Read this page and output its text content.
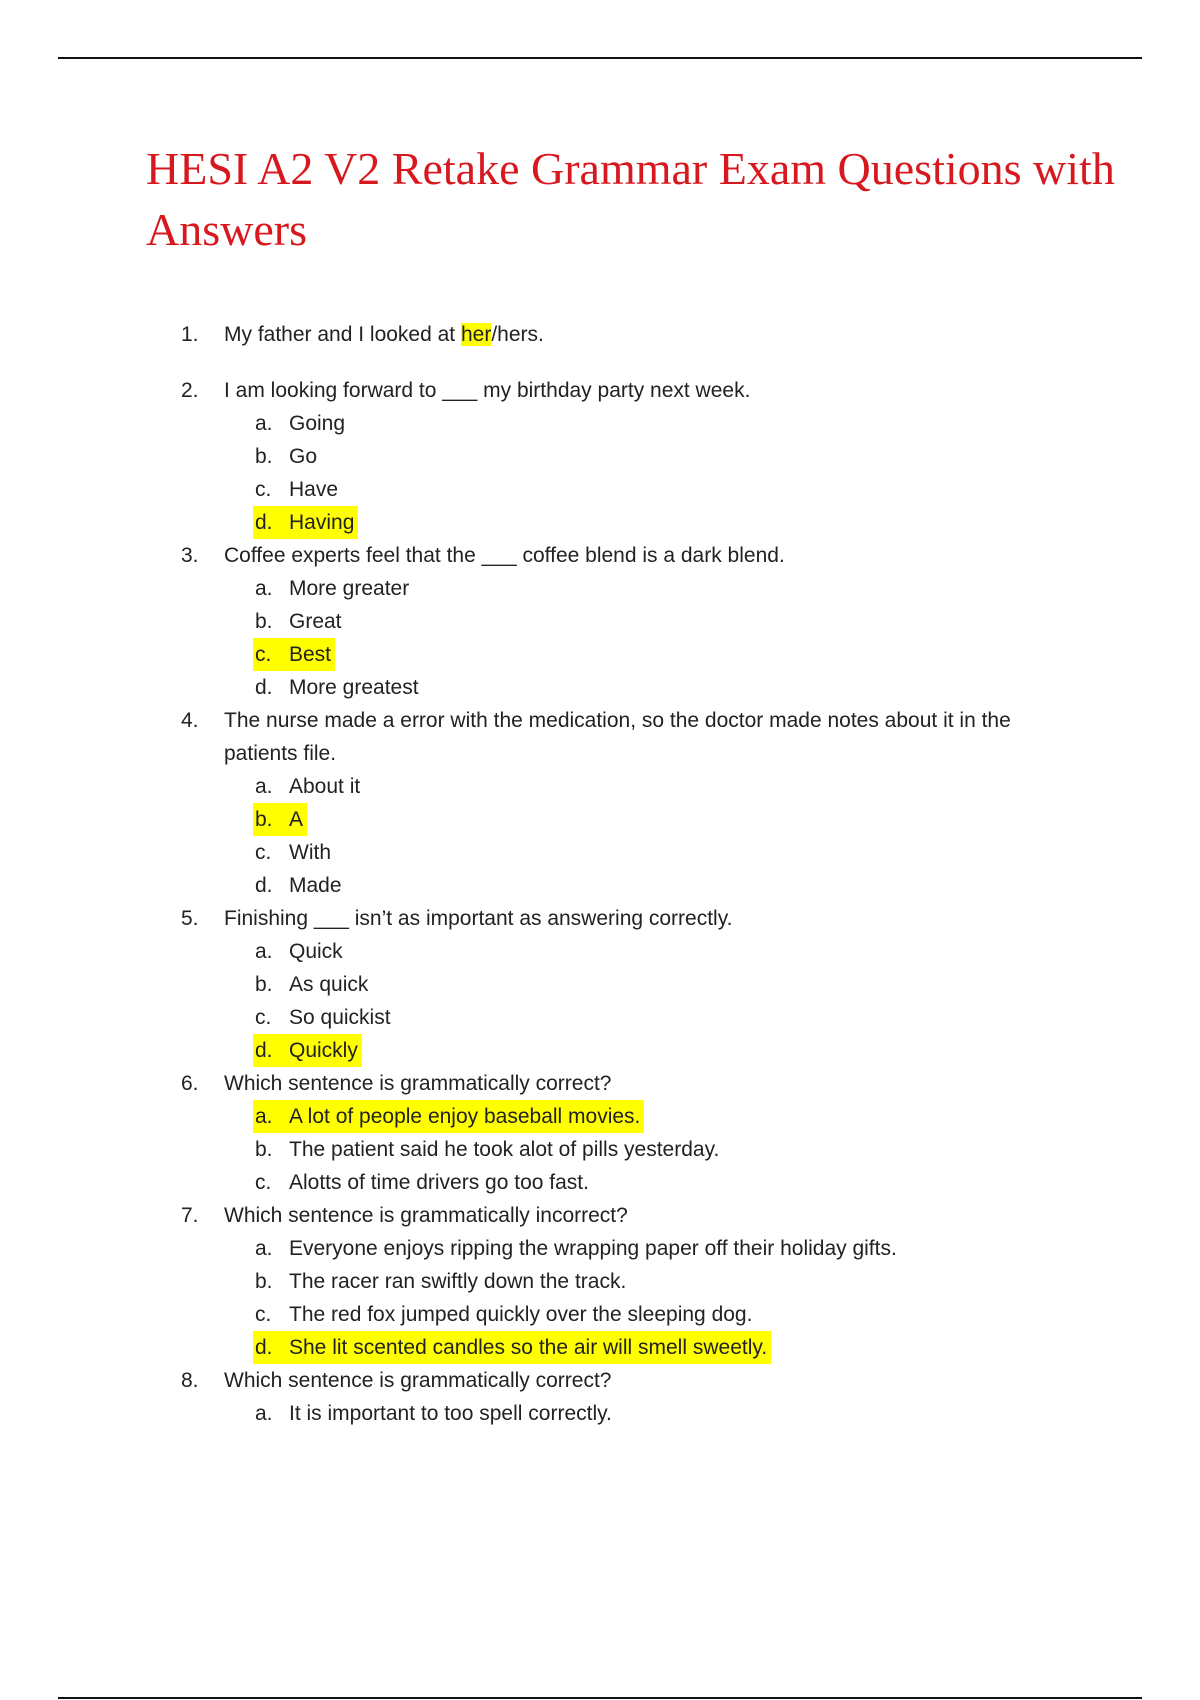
HESI A2 V2 Retake Grammar Exam Questions with Answers
1. My father and I looked at her/hers.
2. I am looking forward to ___ my birthday party next week.
a. Going
b. Go
c. Have
d. Having
3. Coffee experts feel that the ___ coffee blend is a dark blend.
a. More greater
b. Great
c. Best
d. More greatest
4. The nurse made a error with the medication, so the doctor made notes about it in the patients file.
a. About it
b. A
c. With
d. Made
5. Finishing ___ isn’t as important as answering correctly.
a. Quick
b. As quick
c. So quickist
d. Quickly
6. Which sentence is grammatically correct?
a. A lot of people enjoy baseball movies.
b. The patient said he took alot of pills yesterday.
c. Alotts of time drivers go too fast.
7. Which sentence is grammatically incorrect?
a. Everyone enjoys ripping the wrapping paper off their holiday gifts.
b. The racer ran swiftly down the track.
c. The red fox jumped quickly over the sleeping dog.
d. She lit scented candles so the air will smell sweetly.
8. Which sentence is grammatically correct?
a. It is important to too spell correctly.
